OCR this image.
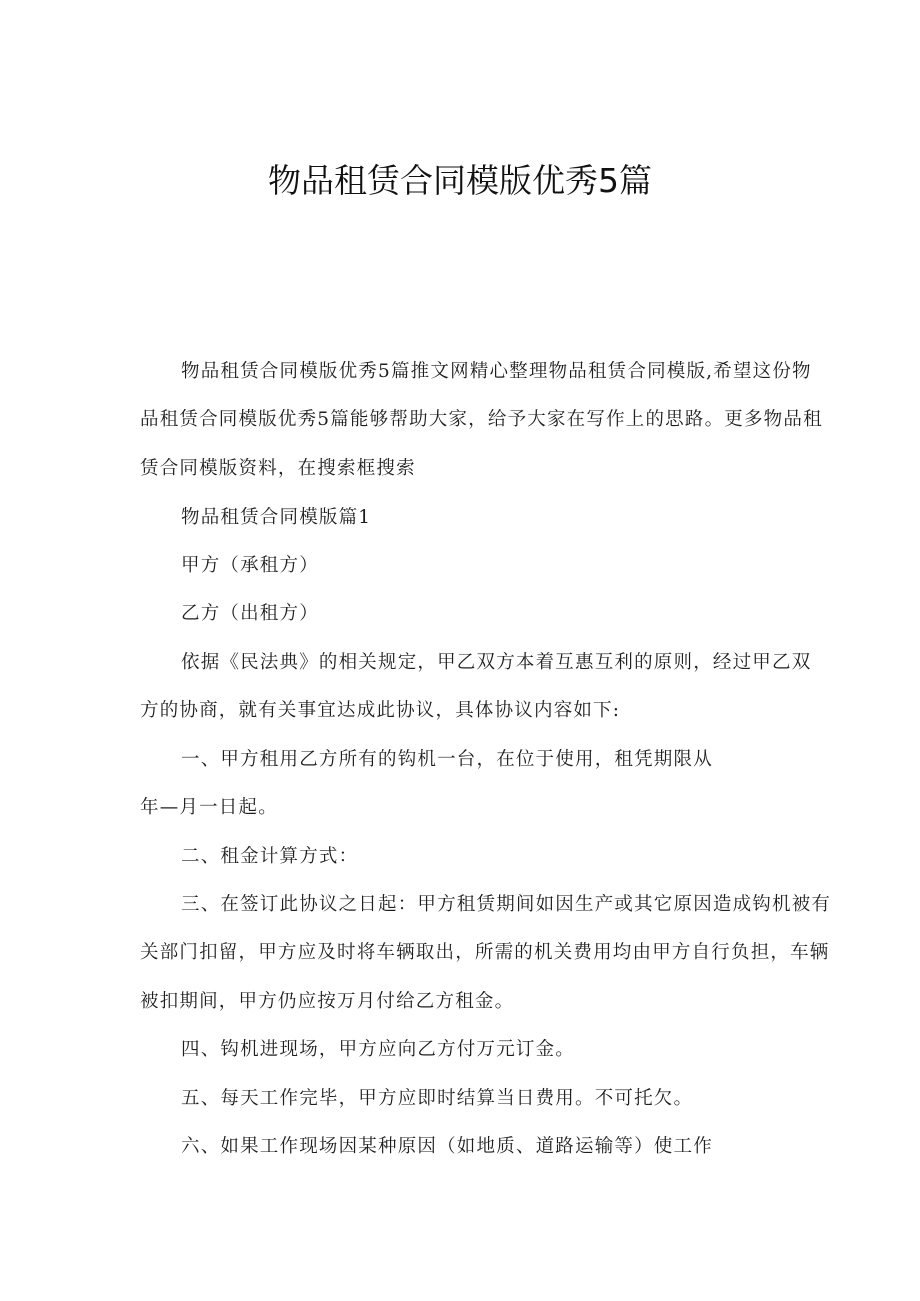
物品租赁合同模版优秀5篇
物品租赁合同模版优秀5篇推文网精心整理物品租赁合同模版,希望这份物
品租赁合同模版优秀5篇能够帮助大家，给予大家在写作上的思路。更多物品租
赁合同模版资料，在搜索框搜索
物品租赁合同模版篇1
甲方（承租方）
乙方（出租方）
依据《民法典》的相关规定，甲乙双方本着互惠互利的原则，经过甲乙双
方的协商，就有关事宜达成此协议，具体协议内容如下:
一、甲方租用乙方所有的钩机一台，在位于使用，租凭期限从
年—月一日起。
二、租金计算方式：
三、在签订此协议之日起：甲方租赁期间如因生产或其它原因造成钩机被有
关部门扣留，甲方应及时将车辆取出，所需的机关费用均由甲方自行负担，车辆
被扣期间，甲方仍应按万月付给乙方租金。
四、钩机进现场，甲方应向乙方付万元订金。
五、每天工作完毕，甲方应即时结算当日费用。不可托欠。
六、如果工作现场因某种原因（如地质、道路运输等）使工作
